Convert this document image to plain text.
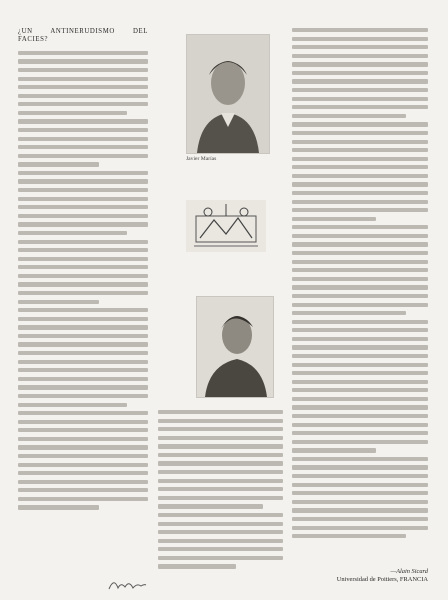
¿UN ANTINERUDISMO DEL FACIES?
Javier Marías
—Alain Sicard
Universidad de Poitiers, FRANCIA
